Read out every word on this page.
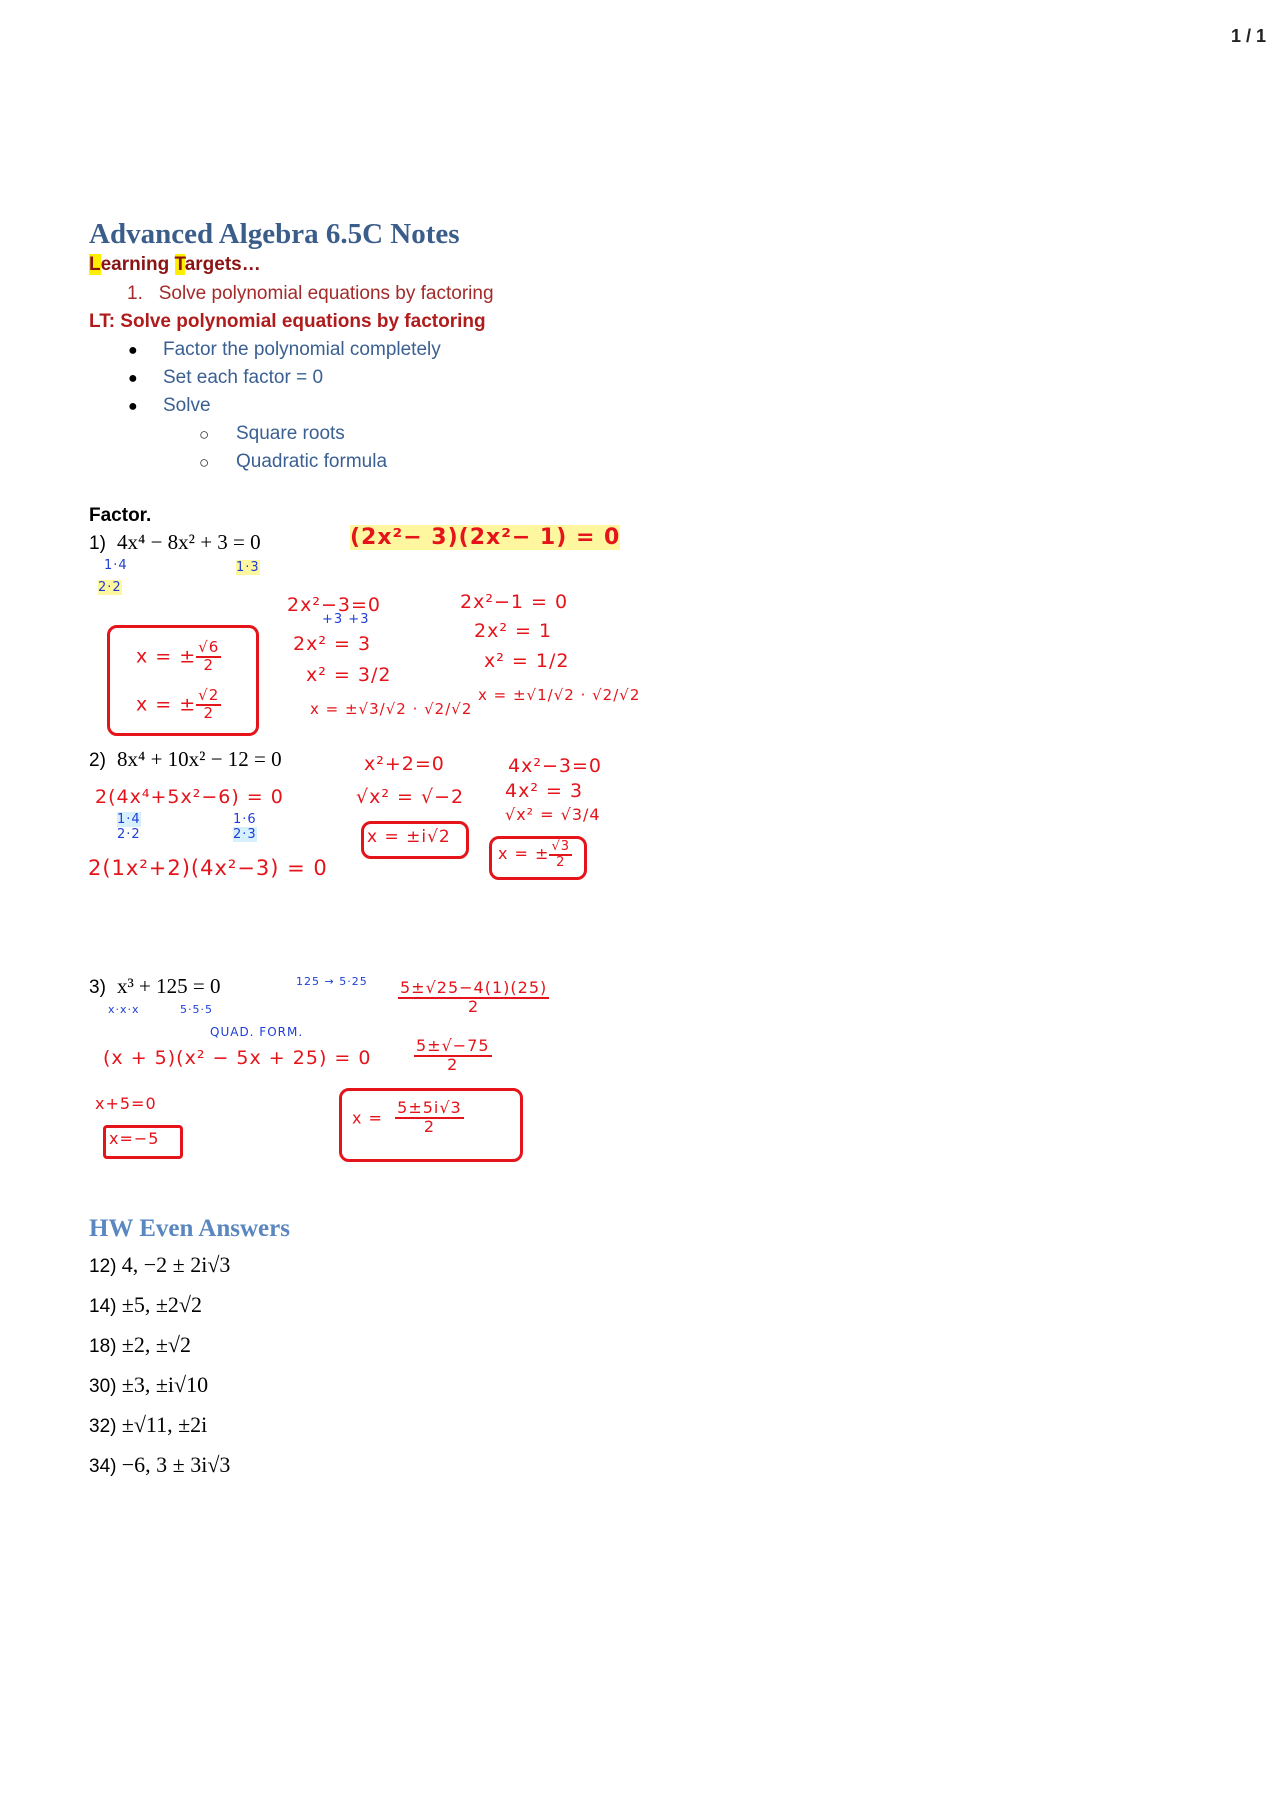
1 / 1
Advanced Algebra 6.5C Notes
Learning Targets…
1. Solve polynomial equations by factoring
LT: Solve polynomial equations by factoring
● Factor the polynomial completely
● Set each factor = 0
● Solve
○ Square roots
○ Quadratic formula
Factor.
1) 4x⁴ − 8x² + 3 = 0	(2x²− 3)(2x²− 1) = 0
1·4
2·2
1·3
2x²−3=0
+3 +3
2x² = 3
x² = 3/2
x = ±√3/√2 · √2/√2
2x²−1 = 0
2x² = 1
x² = 1/2
x = ±√1/√2 · √2/√2
x = ± $\frac{√6}{2}$
x = ± $\frac{√2}{2}$
2) 8x⁴ + 10x² − 12 = 0
2(4x⁴+5x²−6) = 0
1·4
2·2
1·6
2·3
2(1x²+2)(4x²−3) = 0
x²+2=0
√x² = √−2
x = ±i√2
4x²−3=0
4x² = 3
√x² = √3/4
x = ± $\frac{√3}{2}$
3) x³ + 125 = 0	125 → 5·25
x·x·x	5·5·5
QUAD. FORM.
(x + 5)(x² − 5x + 25) = 0
x+5=0
x=−5
$\frac{5\pm√25-4(1)(25)}{2}$
$\frac{5\pm√-75}{2}$
$x = \frac{5\pm 5i√3}{2}$
HW Even Answers
12) 4, −2 ± 2i√3
14) ±5, ±2√2
18) ±2, ±√2
30) ±3, ±i√10
32) ±√11, ±2i
34) −6, 3 ± 3i√3
